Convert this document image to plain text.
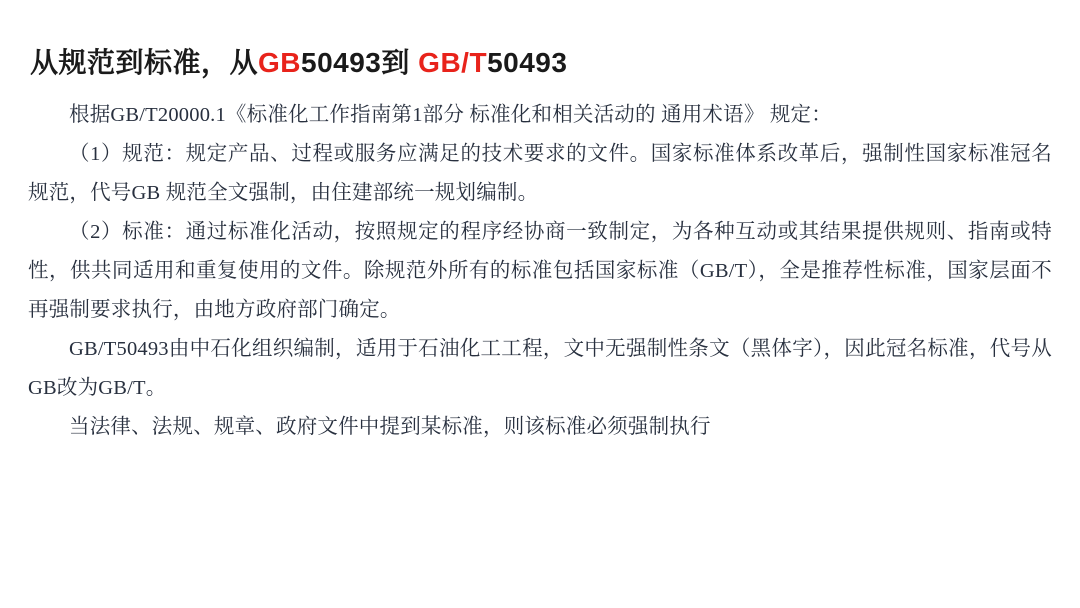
从规范到标准，从GB50493到 GB/T50493

根据GB/T20000.1《标准化工作指南第1部分 标准化和相关活动的 通用术语》 规定：

（1）规范：规定产品、过程或服务应满足的技术要求的文件。国家标准体系改革后，强制性国家标准冠名规范，代号GB 规范全文强制，由住建部统一规划编制。

（2）标准：通过标准化活动，按照规定的程序经协商一致制定，为各种互动或其结果提供规则、指南或特性，供共同适用和重复使用的文件。除规范外所有的标准包括国家标准（GB/T），全是推荐性标准，国家层面不再强制要求执行，由地方政府部门确定。

GB/T50493由中石化组织编制，适用于石油化工工程，文中无强制性条文（黑体字），因此冠名标准，代号从GB改为GB/T。

当法律、法规、规章、政府文件中提到某标准，则该标准必须强制执行
